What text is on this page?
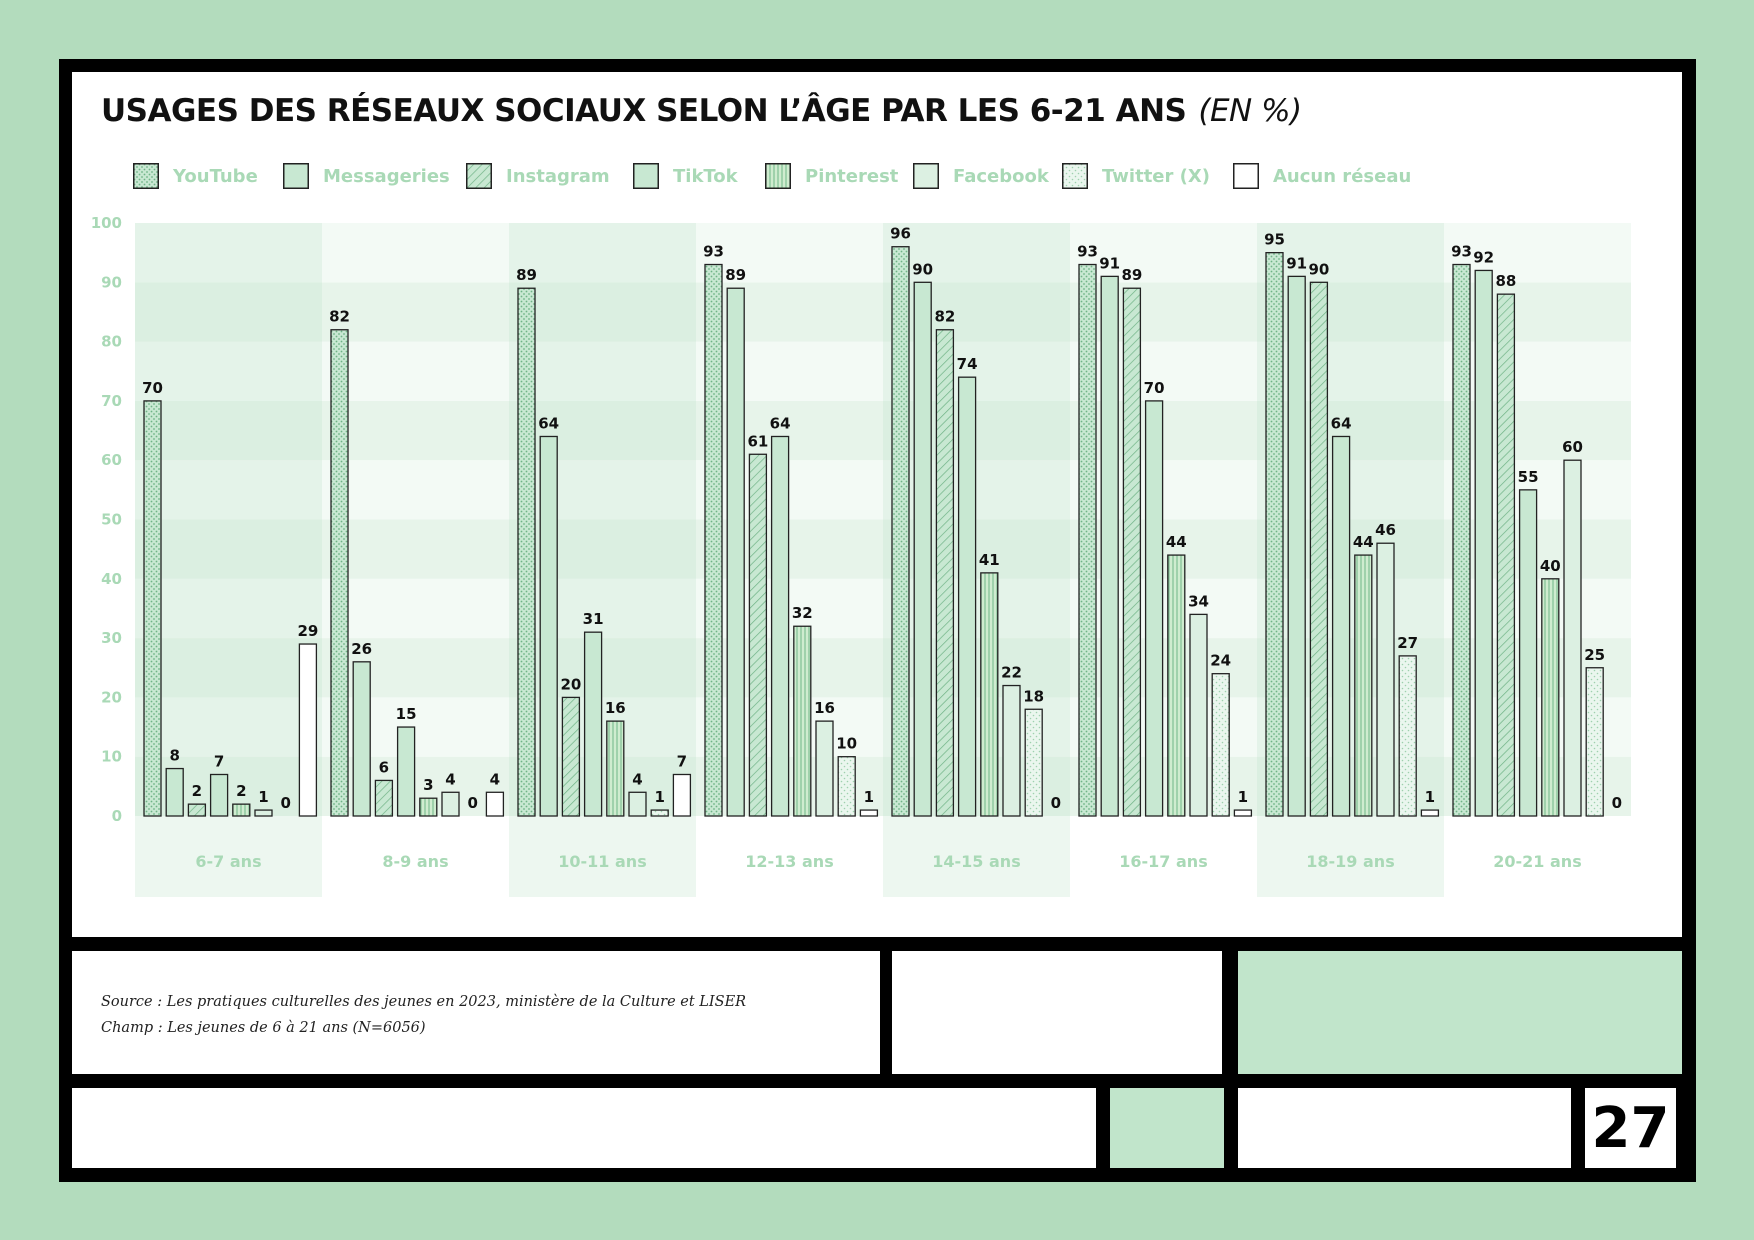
USAGES DES RÉSEAUX SOCIAUX SELON L’ÂGE PAR LES 6-21 ANS (EN %)
YouTube	Messageries	Instagram	TikTok	Pinterest	Facebook	Twitter (X)	Aucun réseau
0
10
20
30
40
50
60
70
80
90
100
70
8
2
7
2 1 0
29
82
26
6
15
3 4
0
4
89
64
20
31
16
4
1
7
93
89
61
64
32
16
10
1
96
90
82
74
41
22
18
0
93
91
89
70
44
34
24
1
95
91 90
64
44
46
27
1
93 92
88
55
40
60
25
0
6-7 ans	8-9 ans	10-11 ans	12-13 ans	14-15 ans	16-17 ans	18-19 ans	20-21 ans
Source : Les pratiques culturelles des jeunes en 2023, ministère de la Culture et LISER
Champ : Les jeunes de 6 à 21 ans (N=6056)
27
